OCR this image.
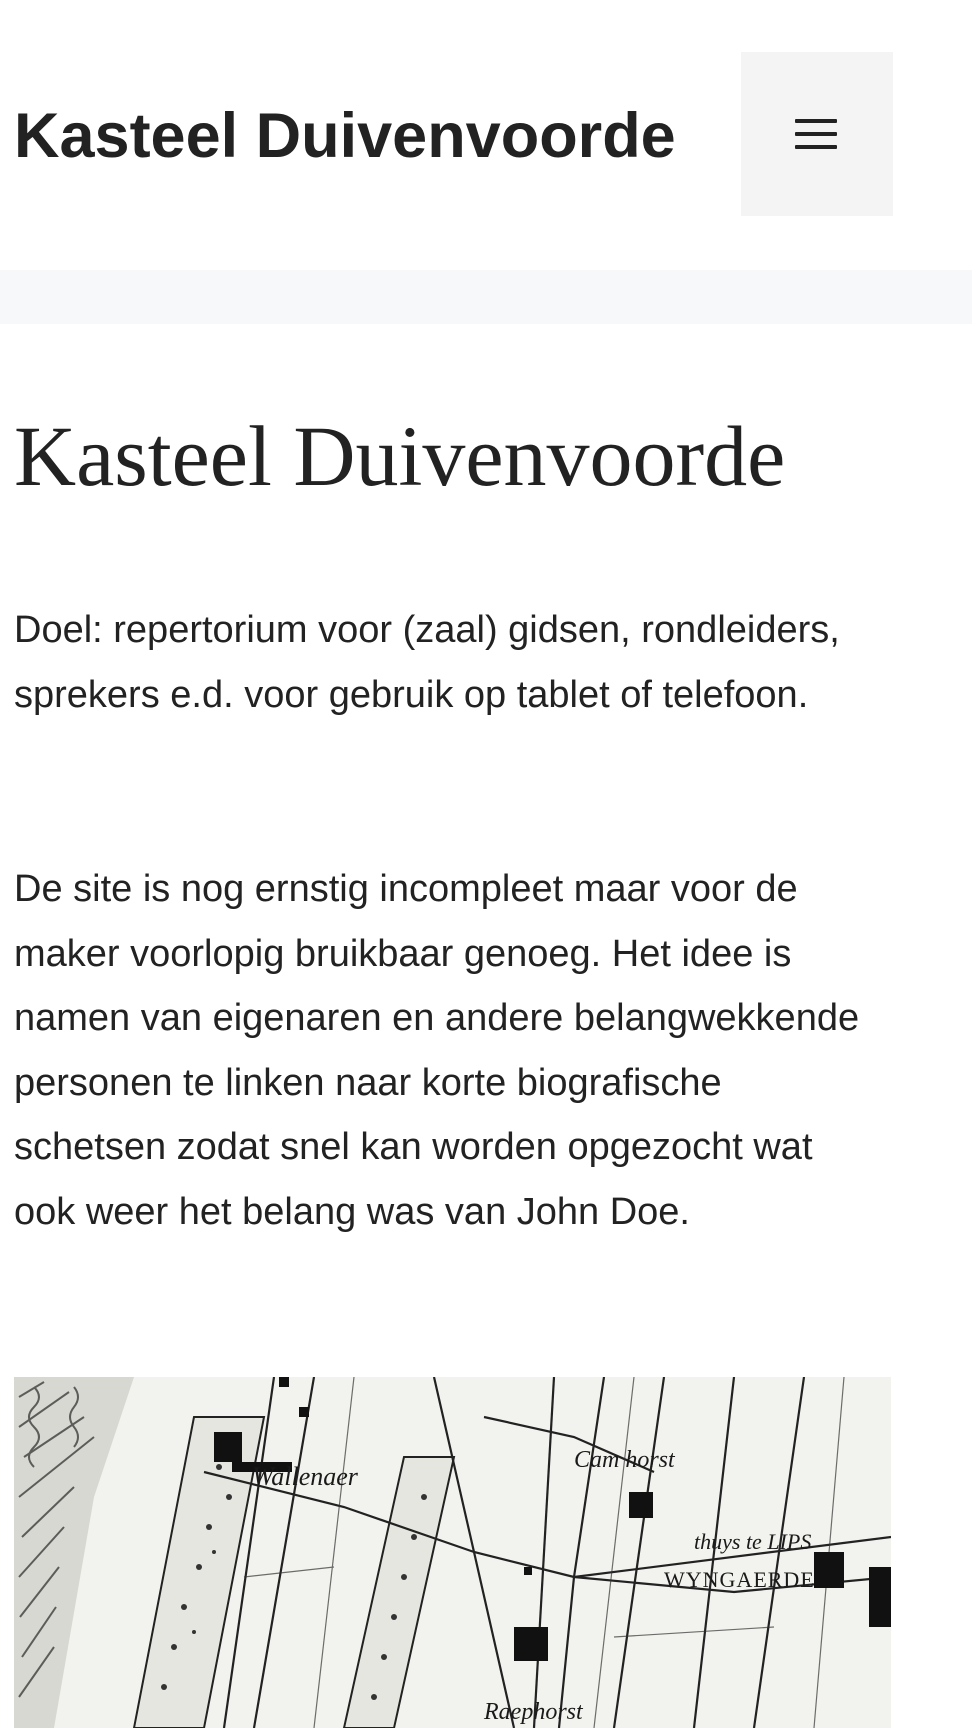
Kasteel Duivenvoorde
Kasteel Duivenvoorde

Doel: repertorium voor (zaal) gidsen, rondleiders, sprekers e.d. voor gebruik op tablet of telefoon.

De site is nog ernstig incompleet maar voor de maker voorlopig bruikbaar genoeg. Het idee is namen van eigenaren en andere belangwekkende personen te linken naar korte biografische schetsen zodat snel kan worden opgezocht wat ook weer het belang was van John Doe.

Wallenaer
Cam horst
thuys te LIPS
WYNGAERDE
Raephorst
